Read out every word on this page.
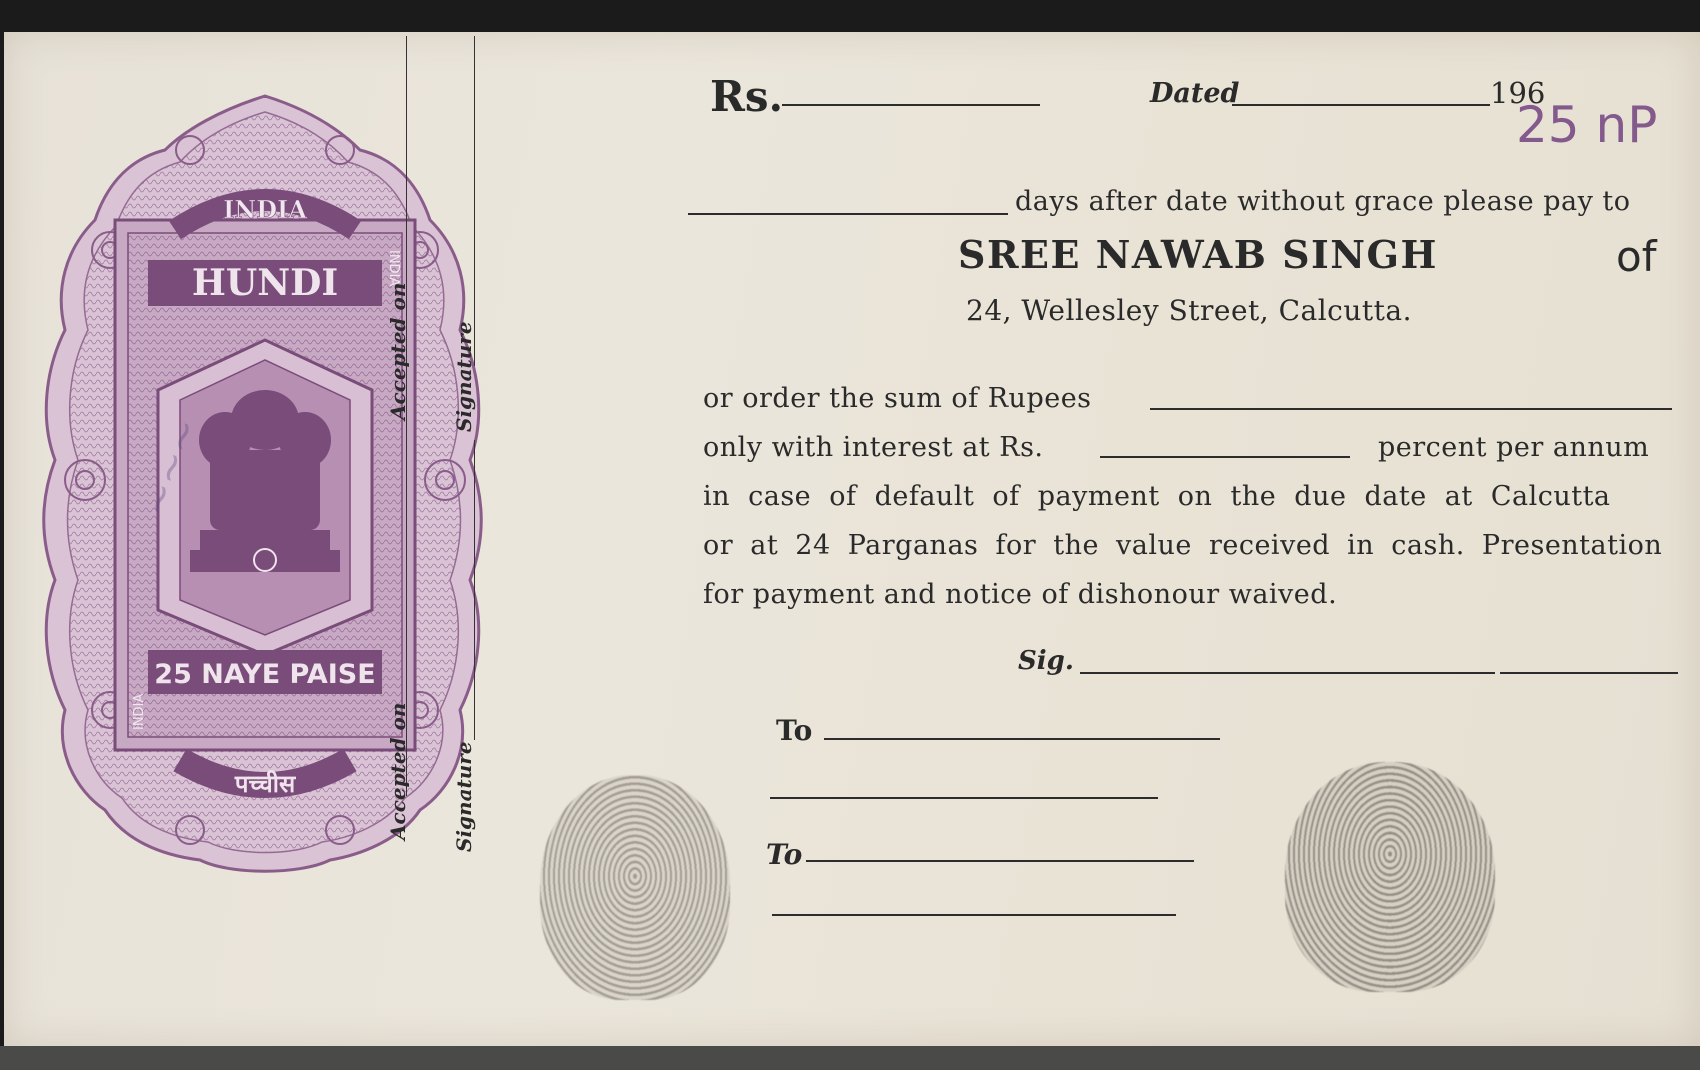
INDIA
HUNDI
25 NAYE PAISE
पच्चीस
INDIA
INDIA
~~~
Accepted on Signature
Accepted on Signature
Rs.	Dated	196
25 nP
days after date without grace please pay to
SREE NAWAB SINGH	of
24, Wellesley Street, Calcutta.
or order the sum of Rupees
only with interest at Rs.	percent per annum
in case of default of payment on the due date at Calcutta
or at 24 Parganas for the value received in cash. Presentation
for payment and notice of dishonour waived.
Sig.
To
To
